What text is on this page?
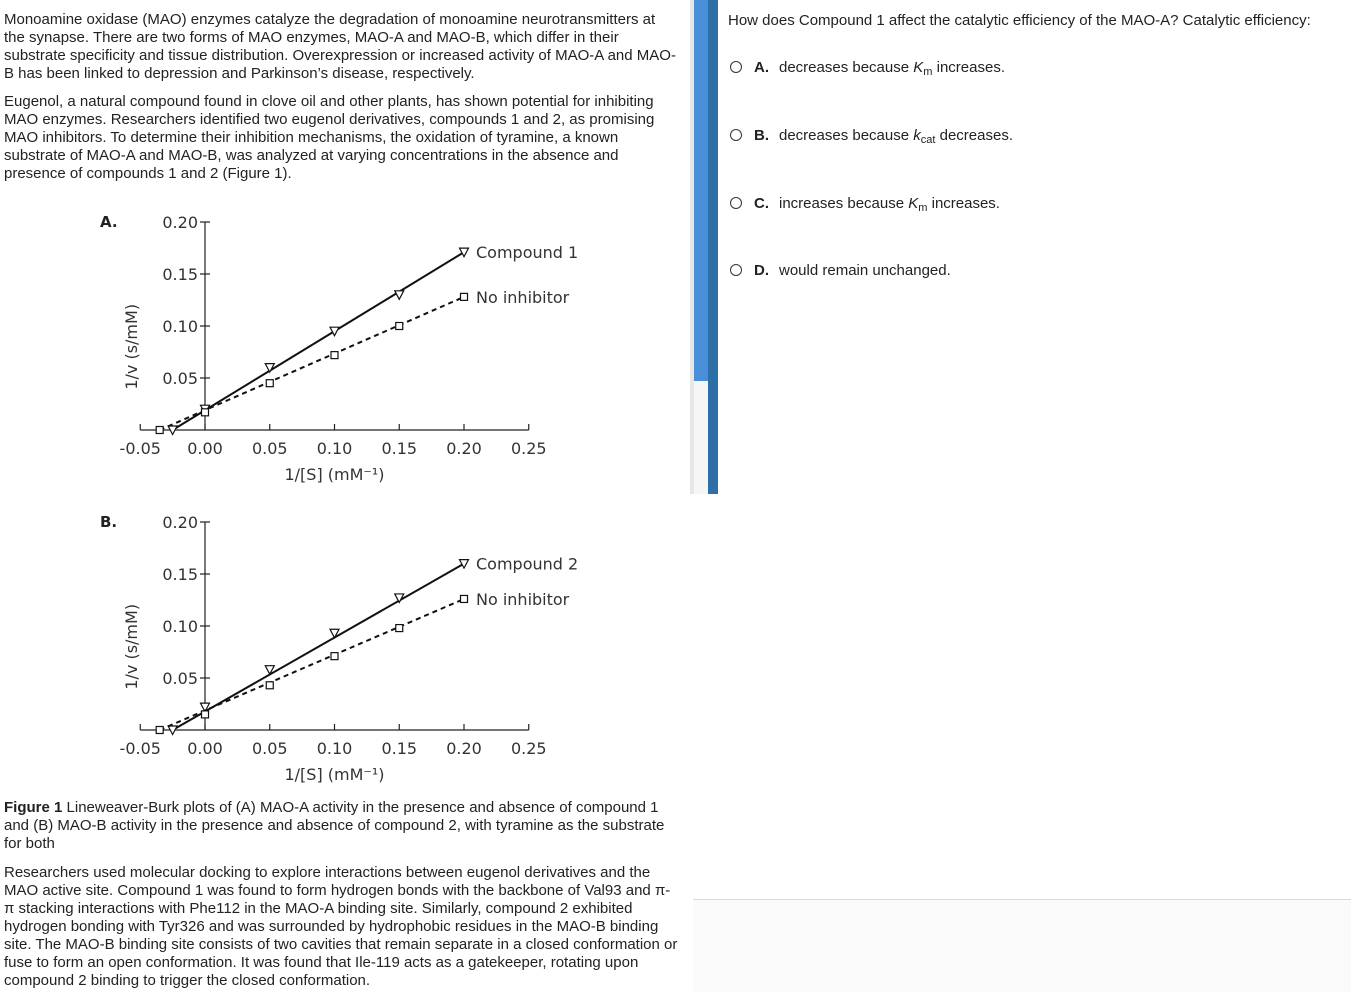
Monoamine oxidase (MAO) enzymes catalyze the degradation of monoamine neurotransmitters at the synapse. There are two forms of MAO enzymes, MAO-A and MAO-B, which differ in their substrate specificity and tissue distribution. Overexpression or increased activity of MAO-A and MAO-B has been linked to depression and Parkinson’s disease, respectively.

Eugenol, a natural compound found in clove oil and other plants, has shown potential for inhibiting MAO enzymes. Researchers identified two eugenol derivatives, compounds 1 and 2, as promising MAO inhibitors. To determine their inhibition mechanisms, the oxidation of tyramine, a known substrate of MAO-A and MAO-B, was analyzed at varying concentrations in the absence and presence of compounds 1 and 2 (Figure 1).

A.
0.05
0.10
0.15
0.20
-0.05 0.00 0.05 0.10 0.15 0.20 0.25
1/[S] (mM⁻¹)
1/v (s/mM)
Compound 1
No inhibitor
B.
0.05
0.10
0.15
0.20
-0.05 0.00 0.05 0.10 0.15 0.20 0.25
1/[S] (mM⁻¹)
1/v (s/mM)
Compound 2
No inhibitor

Figure 1 Lineweaver-Burk plots of (A) MAO-A activity in the presence and absence of compound 1 and (B) MAO-B activity in the presence and absence of compound 2, with tyramine as the substrate for both

Researchers used molecular docking to explore interactions between eugenol derivatives and the MAO active site. Compound 1 was found to form hydrogen bonds with the backbone of Val93 and π-π stacking interactions with Phe112 in the MAO-A binding site. Similarly, compound 2 exhibited hydrogen bonding with Tyr326 and was surrounded by hydrophobic residues in the MAO-B binding site. The MAO-B binding site consists of two cavities that remain separate in a closed conformation or fuse to form an open conformation. It was found that Ile-119 acts as a gatekeeper, rotating upon compound 2 binding to trigger the closed conformation.

How does Compound 1 affect the catalytic efficiency of the MAO-A? Catalytic efficiency:

A. decreases because $K_m$ increases.
B. decreases because $k_{cat}$ decreases.
C. increases because $K_m$ increases.
D. would remain unchanged.
